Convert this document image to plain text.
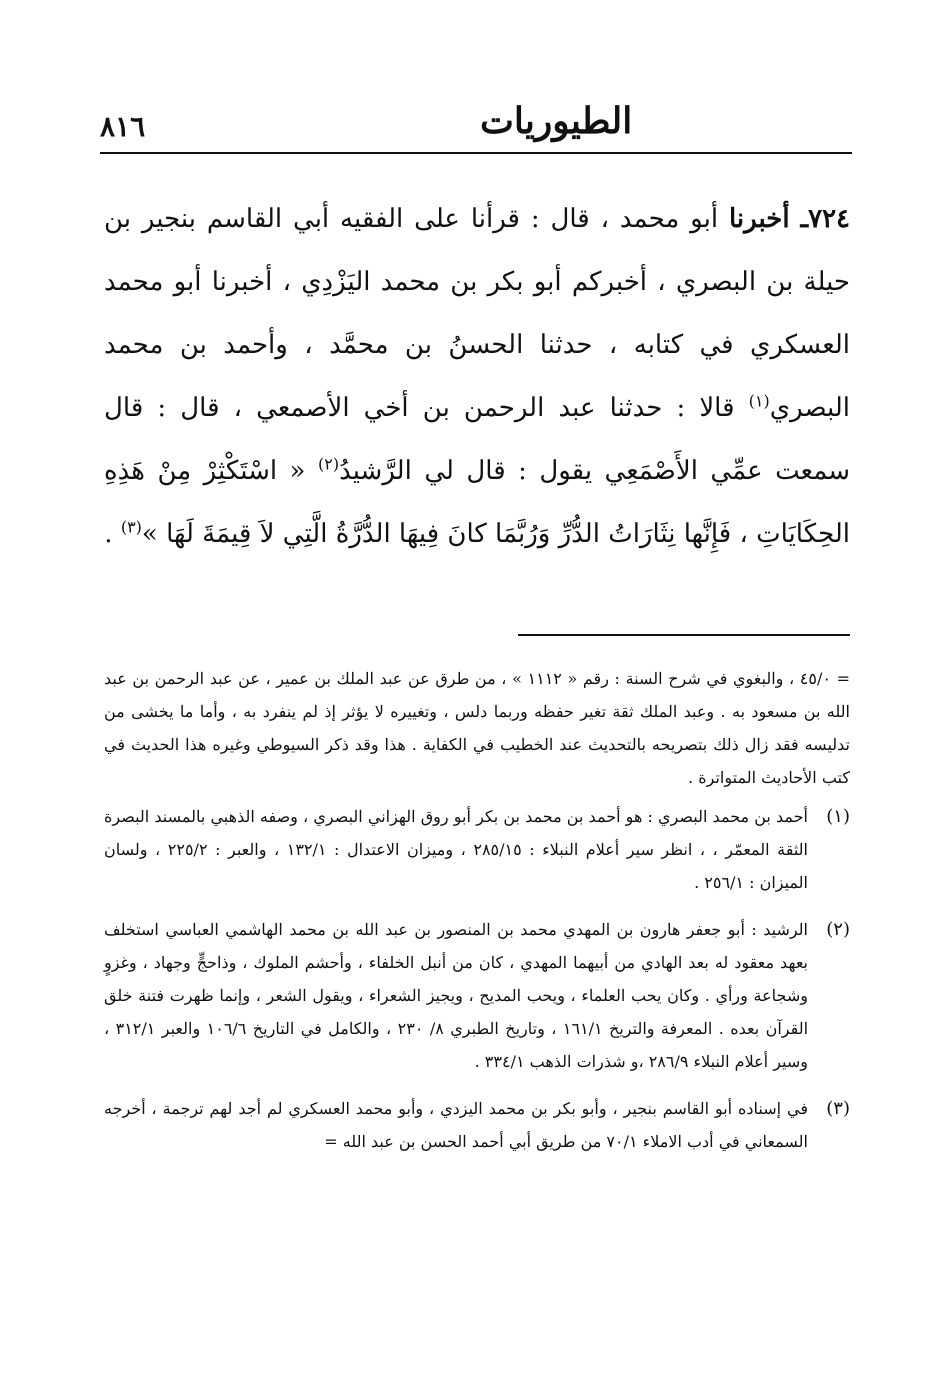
الطيوريات
٨١٦
٧٢٤ـ أخبرنا أبو محمد ، قال : قرأنا على الفقيه أبي القاسم بنجير بن حيلة بن البصري ، أخبركم أبو بكر بن محمد اليَزْدِي ، أخبرنا أبو محمد العسكري في كتابه ، حدثنا الحسنُ بن محمَّد ، وأحمد بن محمد البصري$^{(١)}$ قالا : حدثنا عبد الرحمن بن أخي الأصمعي ، قال : قال سمعت عمِّي الأَصْمَعِي يقول : قال لي الرَّشيدُ$^{(٢)}$ « اسْتَكْثِرْ مِنْ هَذِهِ الحِكَايَاتِ ، فَإِنَّها نِثَارَاتُ الدُّرِّ وَرُبَّمَا كانَ فِيهَا الدُّرَّةُ الَّتِي لاَ قِيمَةَ لَهَا »$^{(٣)}$ .
= ٤٥/٠ ، والبغوي في شرح السنة : رقم « ١١١٢ » ، من طرق عن عبد الملك بن عمير ، عن عبد الرحمن بن عبد الله بن مسعود به . وعبد الملك ثقة تغير حفظه وربما دلس ، وتغييره لا يؤثر إذ لم ينفرد به ، وأما ما يخشى من تدليسه فقد زال ذلك بتصريحه بالتحديث عند الخطيب في الكفاية . هذا وقد ذكر السيوطي وغيره هذا الحديث في كتب الأحاديث المتواترة .
(١)
أحمد بن محمد البصري : هو أحمد بن محمد بن بكر أبو روق الهزاني البصري ، وصفه الذهبي بالمسند البصرة الثقة المعمّر ، ، انظر سير أعلام النبلاء : ٢٨٥/١٥ ، وميزان الاعتدال : ١٣٢/١ ، والعبر : ٢٢٥/٢ ، ولسان الميزان : ٢٥٦/١ .
(٢)
الرشيد : أبو جعفر هارون بن المهدي محمد بن المنصور بن عبد الله بن محمد الهاشمي العباسي استخلف بعهد معقود له بعد الهادي من أبيهما المهدي ، كان من أنبل الخلفاء ، وأحشم الملوك ، وذاحجٍّ وجهاد ، وغزوٍ وشجاعة ورأي . وكان يحب العلماء ، ويحب المديح ، ويجيز الشعراء ، ويقول الشعر ، وإنما ظهرت فتنة خلق القرآن بعده . المعرفة والتريخ ١٦١/١ ، وتاريخ الطبري ٨/ ٢٣٠ ، والكامل في التاريخ ١٠٦/٦ والعبر ٣١٢/١ ، وسير أعلام النبلاء ٢٨٦/٩ ،و شذرات الذهب ٣٣٤/١ .
(٣)
في إسناده أبو القاسم بنجير ، وأبو بكر بن محمد اليزدي ، وأبو محمد العسكري لم أجد لهم ترجمة ، أخرجه السمعاني في أدب الاملاء ٧٠/١ من طريق أبي أحمد الحسن بن عبد الله =
